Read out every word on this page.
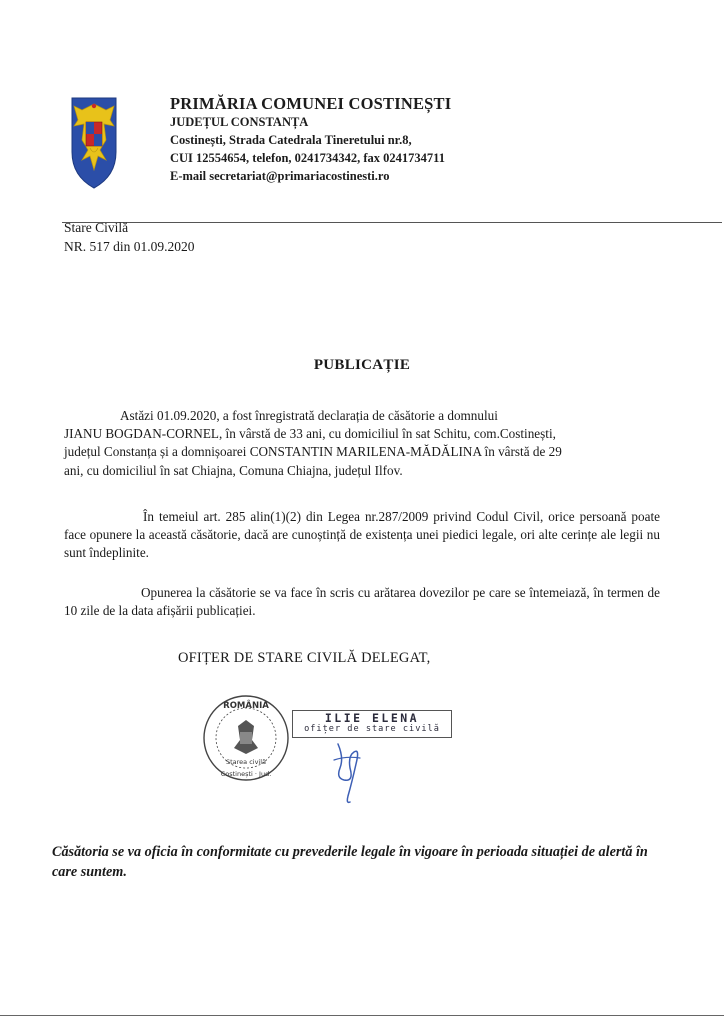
PRIMĂRIA COMUNEI COSTINEȘTI
JUDEȚUL CONSTANȚA
Costinești, Strada Catedrala Tineretului nr.8,
CUI 12554654, telefon, 0241734342, fax 0241734711
E-mail secretariat@primariacostinesti.ro
Stare Civilă
NR. 517 din 01.09.2020
PUBLICAȚIE
Astăzi 01.09.2020, a fost înregistrată declarația de căsătorie a domnului
JIANU BOGDAN-CORNEL, în vârstă de 33 ani, cu domiciliul în sat Schitu, com.Costinești,
județul Constanța și a domnișoarei CONSTANTIN MARILENA-MĂDĂLINA în vârstă de 29
ani, cu domiciliul în sat Chiajna, Comuna Chiajna, județul Ilfov.
În temeiul art. 285 alin(1)(2) din Legea nr.287/2009 privind Codul Civil, orice persoană poate face opunere la această căsătorie, dacă are cunoștință de existența unei piedici legale, ori alte cerințe ale legii nu sunt îndeplinite.
Opunerea la căsătorie se va face în scris cu arătarea dovezilor pe care se întemeiază, în termen de 10 zile de la data afișării publicației.
OFIȚER DE STARE CIVILĂ DELEGAT,
ROMÂNIA
Starea civilă
Costinești · Jud.
ILIE ELENA
ofițer de stare civilă
Căsătoria se va oficia în conformitate cu prevederile legale în vigoare în perioada situației de alertă în care suntem.
